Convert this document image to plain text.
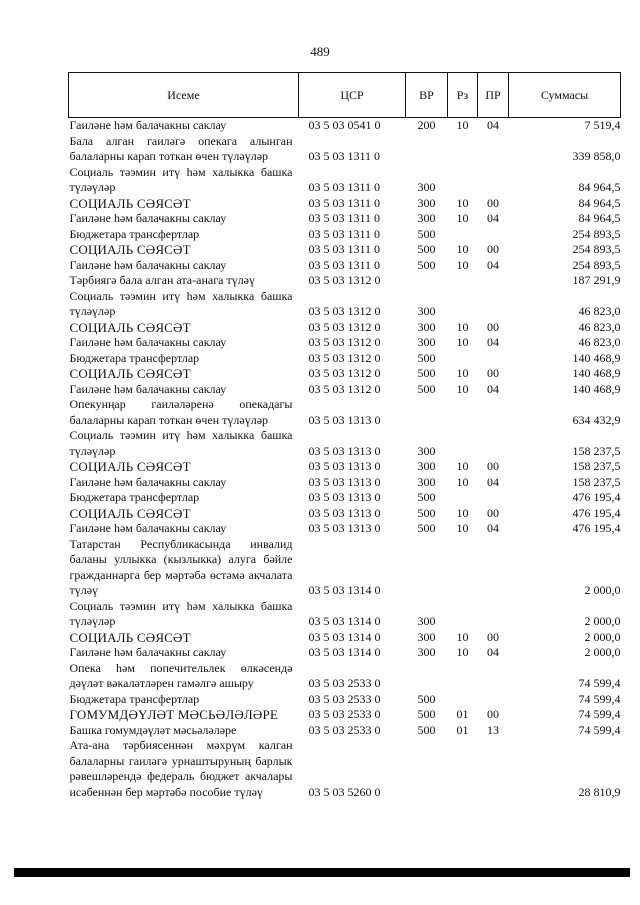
489
Исеме	ЦСР	ВР	Рз	ПР	Суммасы
Гаиләне һәм балачакны саклау	03 5 03 0541 0	200	10	04	7 519,4
Бала алган гаиләгә опекага алынган балаларны карап тоткан өчен түләүләр	03 5 03 1311 0				339 858,0
Социаль тәэмин итү һәм халыкка башка түләүләр	03 5 03 1311 0	300			84 964,5
СОЦИАЛЬ СӘЯСӘТ	03 5 03 1311 0	300	10	00	84 964,5
Гаиләне һәм балачакны саклау	03 5 03 1311 0	300	10	04	84 964,5
Бюджетара трансфертлар	03 5 03 1311 0	500			254 893,5
СОЦИАЛЬ СӘЯСӘТ	03 5 03 1311 0	500	10	00	254 893,5
Гаиләне һәм балачакны саклау	03 5 03 1311 0	500	10	04	254 893,5
Тәрбиягә бала алган ата-анага түләү	03 5 03 1312 0				187 291,9
Социаль тәэмин итү һәм халыкка башка түләүләр	03 5 03 1312 0	300			46 823,0
СОЦИАЛЬ СӘЯСӘТ	03 5 03 1312 0	300	10	00	46 823,0
Гаиләне һәм балачакны саклау	03 5 03 1312 0	300	10	04	46 823,0
Бюджетара трансфертлар	03 5 03 1312 0	500			140 468,9
СОЦИАЛЬ СӘЯСӘТ	03 5 03 1312 0	500	10	00	140 468,9
Гаиләне һәм балачакны саклау	03 5 03 1312 0	500	10	04	140 468,9
Опекунңар гаиләләренә опекадагы балаларны карап тоткан өчен түләүләр	03 5 03 1313 0				634 432,9
Социаль тәэмин итү һәм халыкка башка түләүләр	03 5 03 1313 0	300			158 237,5
СОЦИАЛЬ СӘЯСӘТ	03 5 03 1313 0	300	10	00	158 237,5
Гаиләне һәм балачакны саклау	03 5 03 1313 0	300	10	04	158 237,5
Бюджетара трансфертлар	03 5 03 1313 0	500			476 195,4
СОЦИАЛЬ СӘЯСӘТ	03 5 03 1313 0	500	10	00	476 195,4
Гаиләне һәм балачакны саклау	03 5 03 1313 0	500	10	04	476 195,4
Татарстан Республикасында инвалид баланы уллыкка (кызлыкка) алуга бәйле гражданнарга бер мәртәбә өстәмә акчалата түләү	03 5 03 1314 0				2 000,0
Социаль тәэмин итү һәм халыкка башка түләүләр	03 5 03 1314 0	300			2 000,0
СОЦИАЛЬ СӘЯСӘТ	03 5 03 1314 0	300	10	00	2 000,0
Гаиләне һәм балачакны саклау	03 5 03 1314 0	300	10	04	2 000,0
Опека һәм попечительлек өлкәсендә дәүләт вәкаләтләрен гамәлгә ашыру	03 5 03 2533 0				74 599,4
Бюджетара трансфертлар	03 5 03 2533 0	500			74 599,4
ГОМУМДӘҮЛӘТ МӘСЬӘЛӘЛӘРЕ	03 5 03 2533 0	500	01	00	74 599,4
Башка гомумдәүләт мәсьәләләре	03 5 03 2533 0	500	01	13	74 599,4
Ата-ана тәрбиясеннән мәхрүм калган балаларны гаиләгә урнаштыруның барлык рәвешләрендә федераль бюджет акчалары исәбеннән бер мәртәбә пособие түләү	03 5 03 5260 0				28 810,9
